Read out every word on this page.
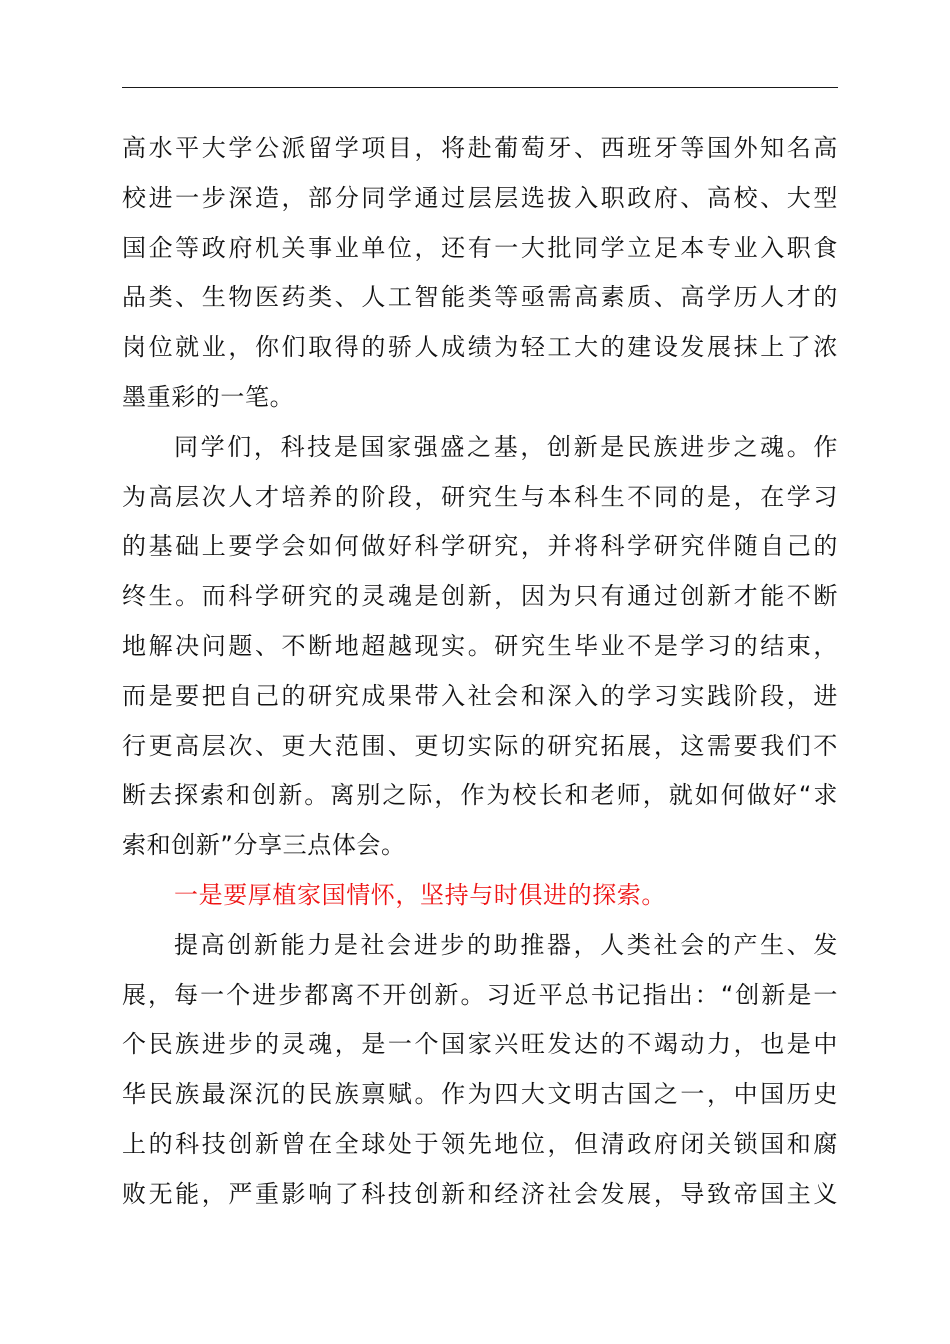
高水平大学公派留学项目，将赴葡萄牙、西班牙等国外知名高
校进一步深造，部分同学通过层层选拔入职政府、高校、大型
国企等政府机关事业单位，还有一大批同学立足本专业入职食
品类、生物医药类、人工智能类等亟需高素质、高学历人才的
岗位就业，你们取得的骄人成绩为轻工大的建设发展抹上了浓
墨重彩的一笔。
同学们，科技是国家强盛之基，创新是民族进步之魂。作
为高层次人才培养的阶段，研究生与本科生不同的是，在学习
的基础上要学会如何做好科学研究，并将科学研究伴随自己的
终生。而科学研究的灵魂是创新，因为只有通过创新才能不断
地解决问题、不断地超越现实。研究生毕业不是学习的结束，
而是要把自己的研究成果带入社会和深入的学习实践阶段，进
行更高层次、更大范围、更切实际的研究拓展，这需要我们不
断去探索和创新。离别之际，作为校长和老师，就如何做好“求
索和创新”分享三点体会。
一是要厚植家国情怀，坚持与时俱进的探索。
提高创新能力是社会进步的助推器，人类社会的产生、发
展，每一个进步都离不开创新。习近平总书记指出：“创新是一
个民族进步的灵魂，是一个国家兴旺发达的不竭动力，也是中
华民族最深沉的民族禀赋。作为四大文明古国之一，中国历史
上的科技创新曾在全球处于领先地位，但清政府闭关锁国和腐
败无能，严重影响了科技创新和经济社会发展，导致帝国主义
